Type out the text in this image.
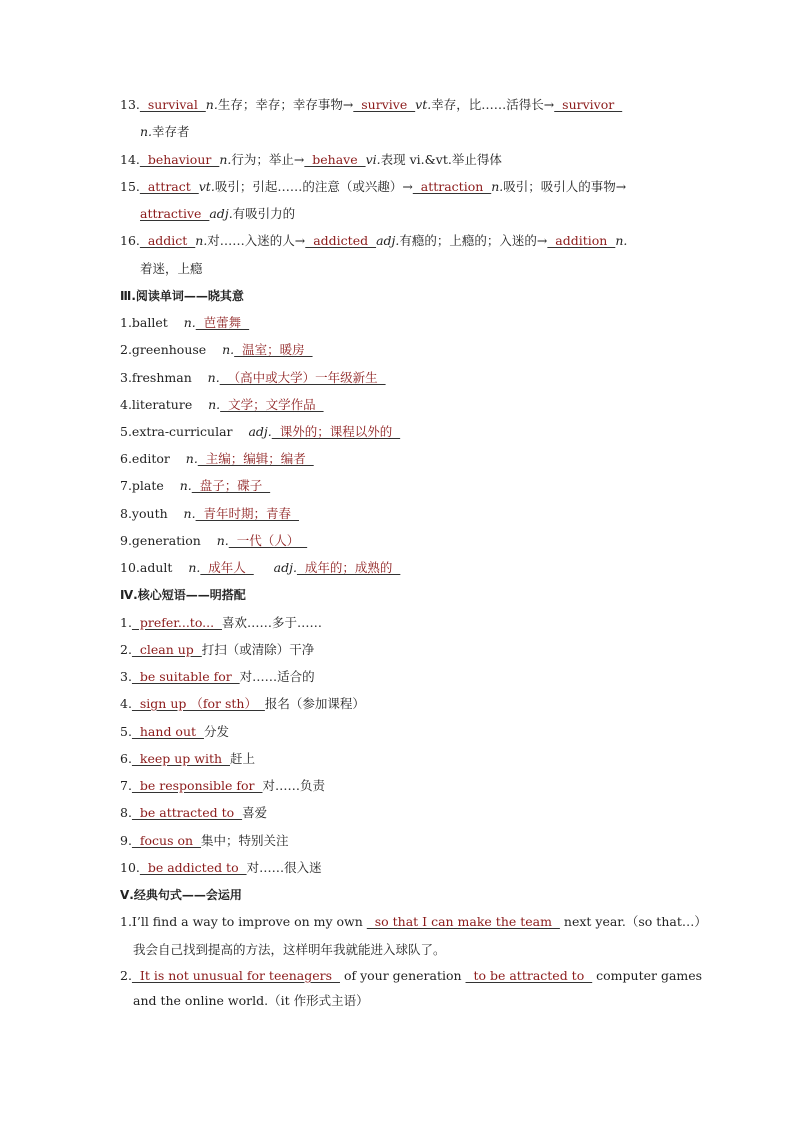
13.  survival  n.生存；幸存；幸存事物→  survive  vt.幸存，比……活得长→  survivor
n.幸存者
14.  behaviour  n.行为；举止→  behave  vi.表现 vi.&vt.举止得体
15.  attract  vt.吸引；引起……的注意（或兴趣）→  attraction  n.吸引；吸引人的事物→
attractive  adj.有吸引力的
16.  addict  n.对……入迷的人→  addicted  adj.有瘾的；上瘾的；入迷的→  addition  n.
着迷，上瘾
Ⅲ.阅读单词——晓其意
1.ballet n.  芭蕾舞
2.greenhouse n.  温室；暖房
3.freshman n.  （高中或大学）一年级新生
4.literature n.  文学；文学作品
5.extra-curricular adj.  课外的；课程以外的
6.editor n.  主编；编辑；编者
7.plate n.  盘子；碟子
8.youth n.  青年时期；青春
9.generation n.  一代（人）
10.adult n.  成年人       adj.  成年的；成熟的
Ⅳ.核心短语——明搭配
1.  prefer...to...  喜欢……多于……
2.  clean up  打扫（或清除）干净
3.  be suitable for  对……适合的
4.  sign up （for sth）  报名（参加课程）
5.  hand out  分发
6.  keep up with  赶上
7.  be responsible for  对……负责
8.  be attracted to  喜爱
9.  focus on  集中；特别关注
10.  be addicted to  对……很入迷
Ⅴ.经典句式——会运用
1.I’ll find a way to improve on my own   so that I can make the team   next year.（so that…）
我会自己找到提高的方法，这样明年我就能进入球队了。
2.  It is not unusual for teenagers   of your generation   to be attracted to   computer games
and the online world.（it 作形式主语）
